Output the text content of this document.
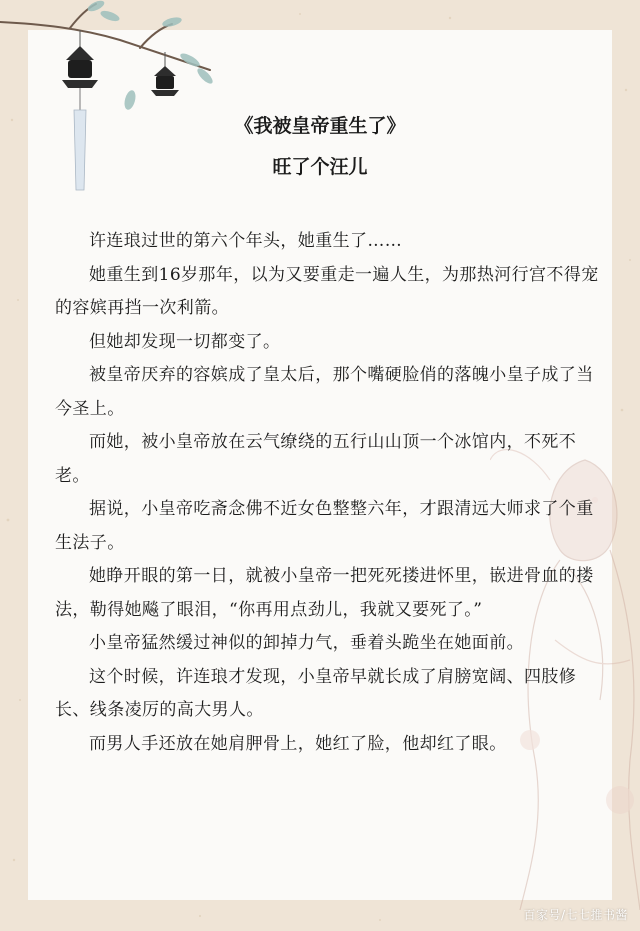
《我被皇帝重生了》
旺了个汪儿

许连琅过世的第六个年头，她重生了……

她重生到16岁那年，以为又要重走一遍人生，为那热河行宫不得宠的容嫔再挡一次利箭。

但她却发现一切都变了。

被皇帝厌弃的容嫔成了皇太后，那个嘴硬脸俏的落魄小皇子成了当今圣上。

而她，被小皇帝放在云气缭绕的五行山山顶一个冰馆内，不死不老。

据说，小皇帝吃斋念佛不近女色整整六年，才跟清远大师求了个重生法子。

她睁开眼的第一日，就被小皇帝一把死死搂进怀里，嵌进骨血的搂法，勒得她飚了眼泪，“你再用点劲儿，我就又要死了。”

小皇帝猛然缓过神似的卸掉力气，垂着头跪坐在她面前。

这个时候，许连琅才发现，小皇帝早就长成了肩膀宽阔、四肢修长、线条凌厉的高大男人。

而男人手还放在她肩胛骨上，她红了脸，他却红了眼。

百家号/七七推书酱
